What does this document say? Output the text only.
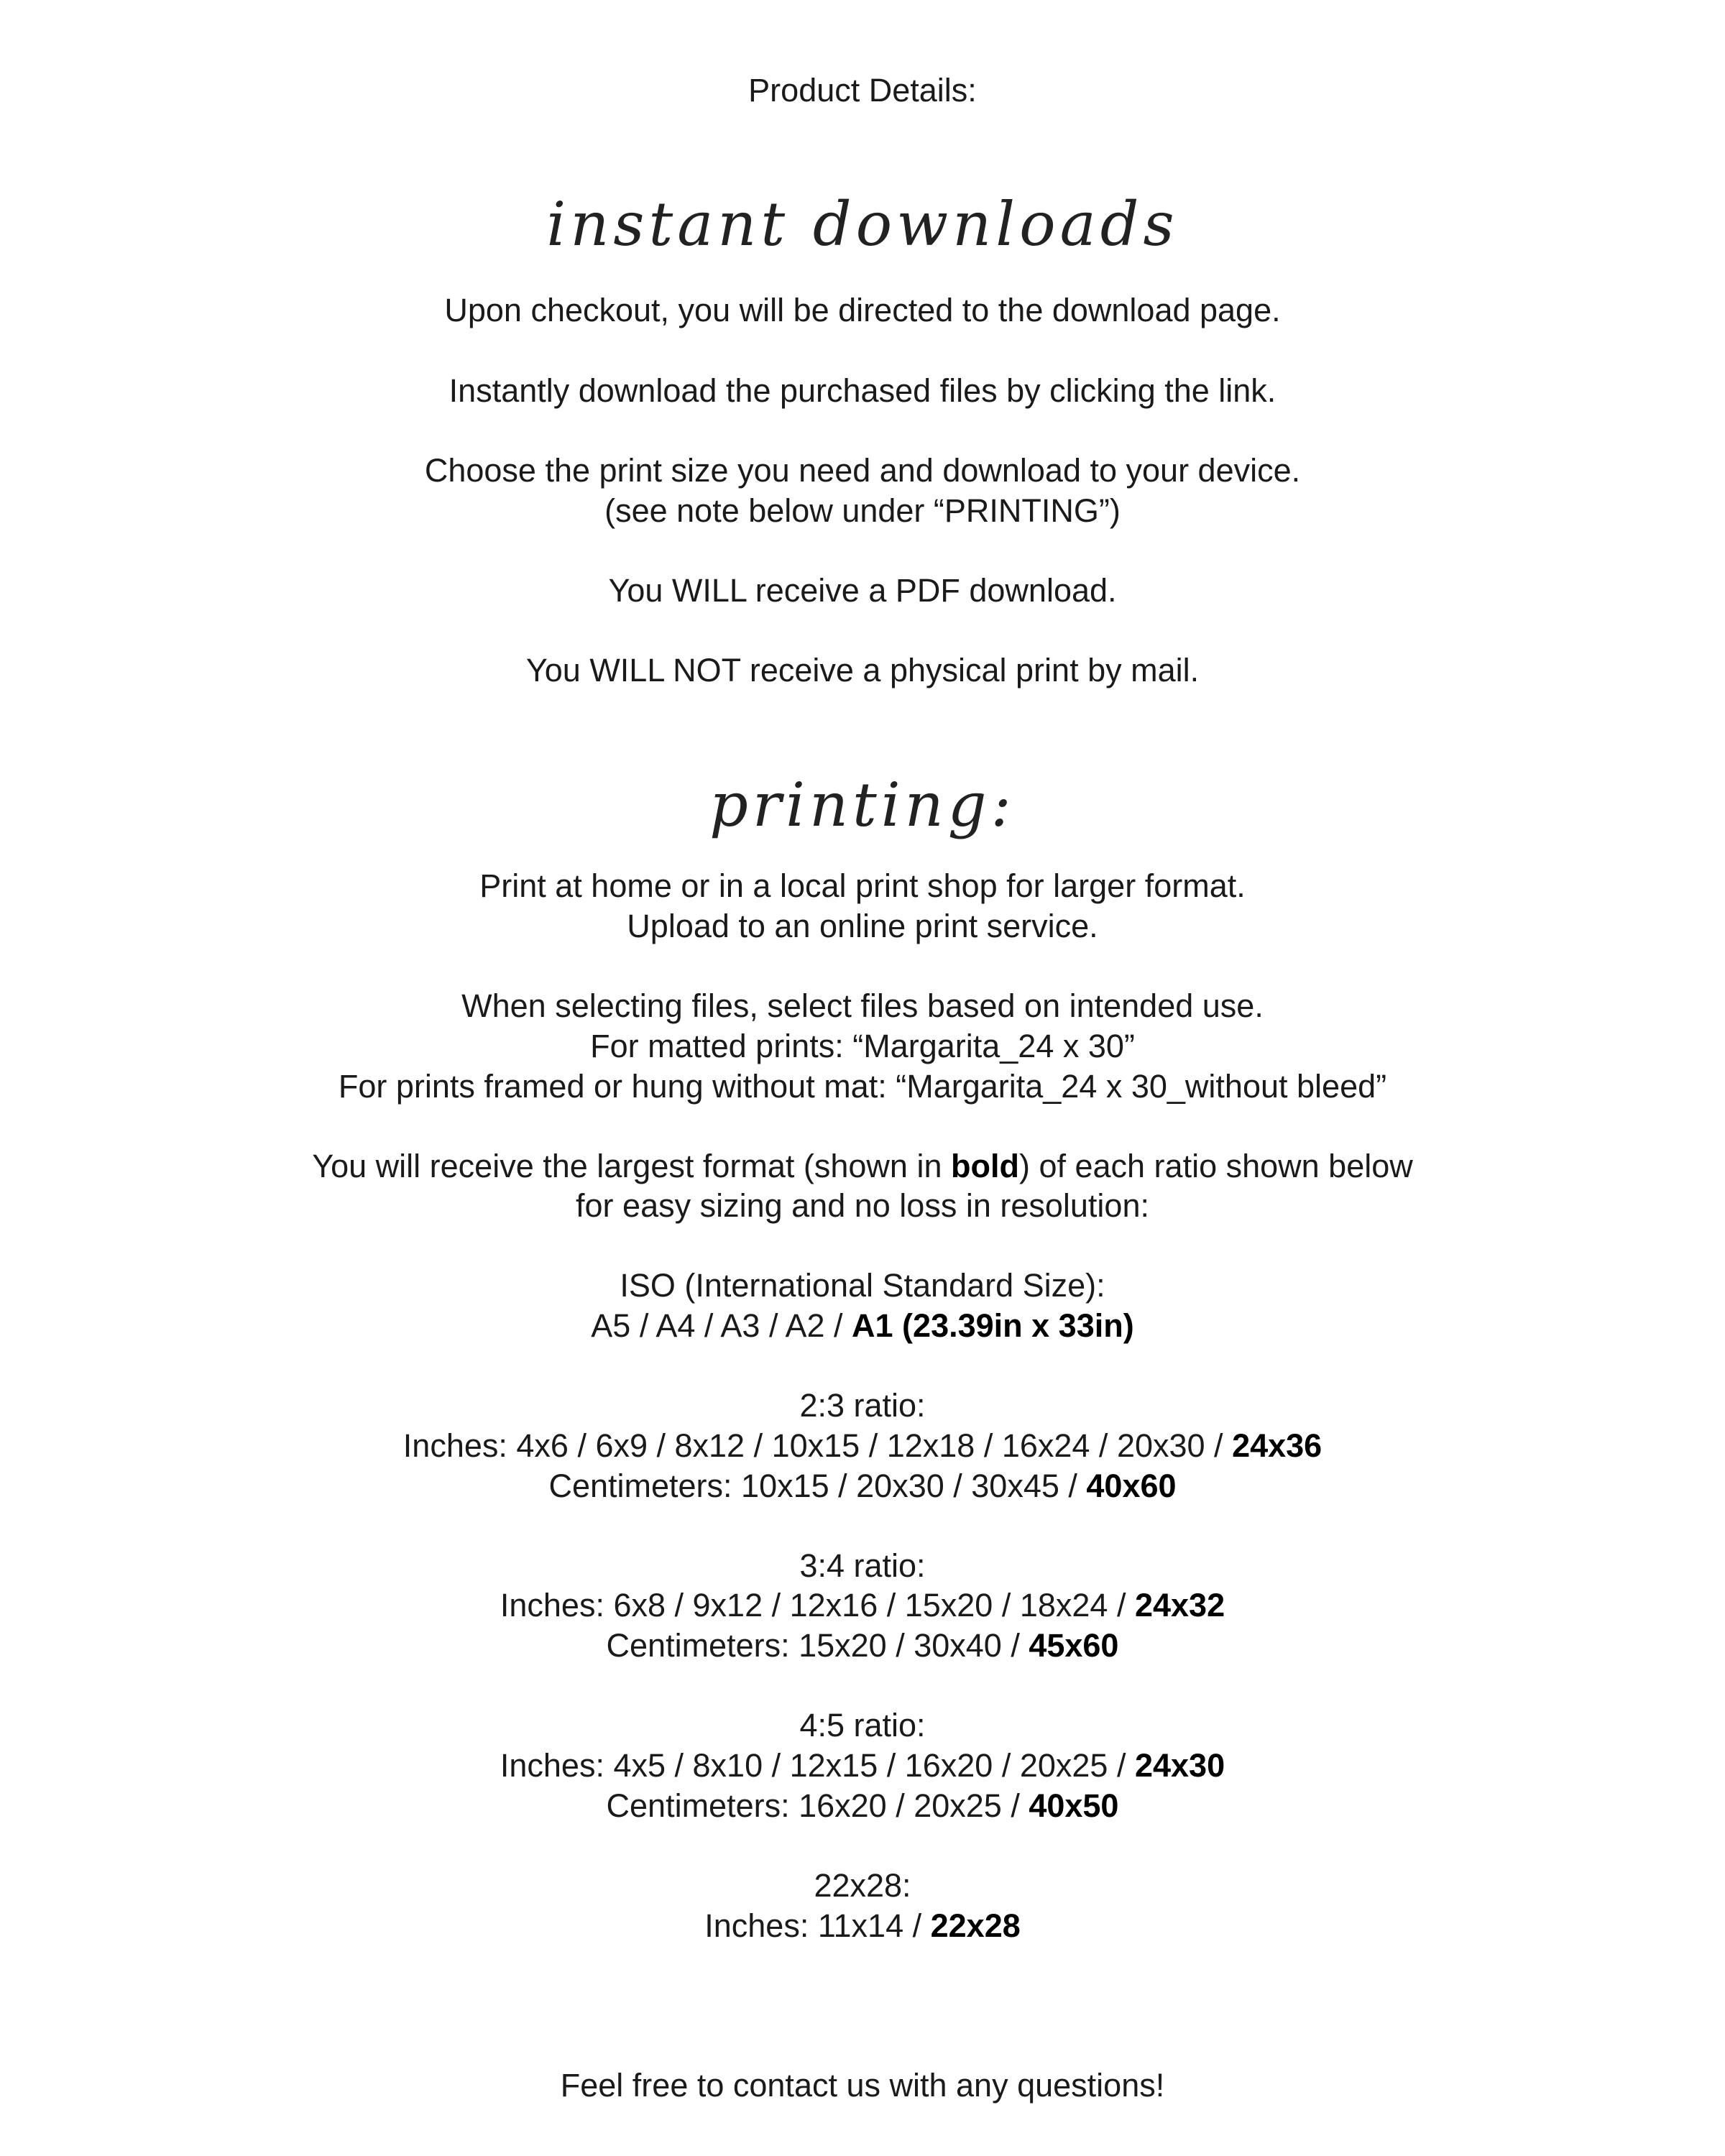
Product Details:
instant downloads
Upon checkout, you will be directed to the download page.
Instantly download the purchased files by clicking the link.
Choose the print size you need and download to your device.
(see note below under “PRINTING”)
You WILL receive a PDF download.
You WILL NOT receive a physical print by mail.
printing:
Print at home or in a local print shop for larger format.
Upload to an online print service.
When selecting files, select files based on intended use.
For matted prints: “Margarita_24 x 30”
For prints framed or hung without mat: “Margarita_24 x 30_without bleed”
You will receive the largest format (shown in bold) of each ratio shown below
for easy sizing and no loss in resolution:
ISO (International Standard Size):
A5 / A4 / A3 / A2 / A1 (23.39in x 33in)
2:3 ratio:
Inches: 4x6 / 6x9 / 8x12 / 10x15 / 12x18 / 16x24 / 20x30 / 24x36
Centimeters: 10x15 / 20x30 / 30x45 / 40x60
3:4 ratio:
Inches: 6x8 / 9x12 / 12x16 / 15x20 / 18x24 / 24x32
Centimeters: 15x20 / 30x40 / 45x60
4:5 ratio:
Inches: 4x5 / 8x10 / 12x15 / 16x20 / 20x25 / 24x30
Centimeters: 16x20 / 20x25 / 40x50
22x28:
Inches: 11x14 / 22x28
Feel free to contact us with any questions!
